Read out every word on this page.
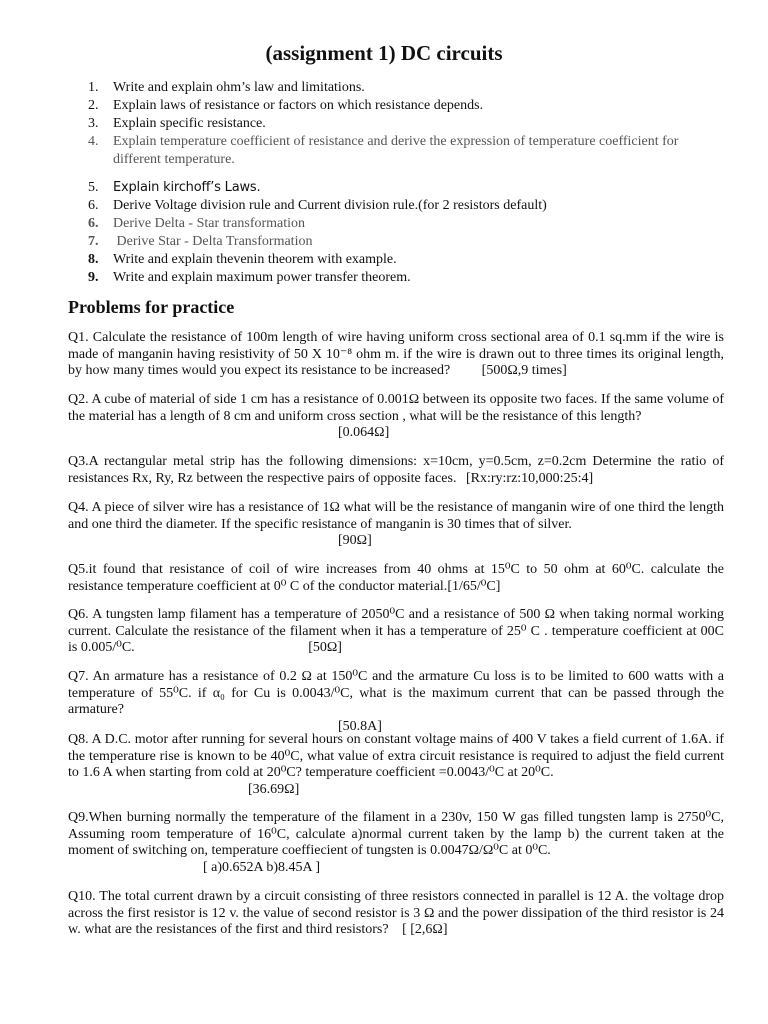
(assignment 1) DC circuits
1.	Write and explain ohm’s law and limitations.
2.	Explain laws of resistance or factors on which resistance depends.
3.	Explain specific resistance.
4.	Explain temperature coefficient of resistance and derive the expression of temperature coefficient for different temperature.
5.	Explain kirchoff’s Laws.
6.	Derive Voltage division rule and Current division rule.(for 2 resistors default)
6.	Derive Delta - Star transformation
7.	Derive Star - Delta Transformation
8.	Write and explain thevenin theorem with example.
9.	Write and explain maximum power transfer theorem.
Problems for practice

Q1. Calculate the resistance of 100m length of wire having uniform cross sectional area of 0.1 sq.mm if the wire is made of manganin having resistivity of 50 X 10⁻⁸ ohm m. if the wire is drawn out to three times its original length, by how many times would you expect its resistance to be increased? [500Ω,9 times]

Q2. A cube of material of side 1 cm has a resistance of 0.001Ω between its opposite two faces. If the same volume of the material has a length of 8 cm and uniform cross section , what will be the resistance of this length?
[0.064Ω]

Q3.A rectangular metal strip has the following dimensions: x=10cm, y=0.5cm, z=0.2cm Determine the ratio of resistances Rx, Ry, Rz between the respective pairs of opposite faces. [Rx:ry:rz:10,000:25:4]

Q4. A piece of silver wire has a resistance of 1Ω what will be the resistance of manganin wire of one third the length and one third the diameter. If the specific resistance of manganin is 30 times that of silver.
[90Ω]

Q5.it found that resistance of coil of wire increases from 40 ohms at 15⁰C to 50 ohm at 60⁰C. calculate the resistance temperature coefficient at 0⁰ C of the conductor material.[1/65/⁰C]

Q6. A tungsten lamp filament has a temperature of 2050⁰C and a resistance of 500 Ω when taking normal working current. Calculate the resistance of the filament when it has a temperature of 25⁰ C . temperature coefficient at 00C is 0.005/⁰C.	[50Ω]

Q7. An armature has a resistance of 0.2 Ω at 150⁰C and the armature Cu loss is to be limited to 600 watts with a temperature of 55⁰C. if α₀ for Cu is 0.0043/⁰C, what is the maximum current that can be passed through the armature?
[50.8A]

Q8. A D.C. motor after running for several hours on constant voltage mains of 400 V takes a field current of 1.6A. if the temperature rise is known to be 40⁰C, what value of extra circuit resistance is required to adjust the field current to 1.6 A when starting from cold at 20⁰C? temperature coefficient =0.0043/⁰C at 20⁰C.
[36.69Ω]

Q9.When burning normally the temperature of the filament in a 230v, 150 W gas filled tungsten lamp is 2750⁰C, Assuming room temperature of 16⁰C, calculate a)normal current taken by the lamp b) the current taken at the moment of switching on, temperature coeffiecient of tungsten is 0.0047Ω/Ω⁰C at 0⁰C.
[ a)0.652A b)8.45A ]

Q10. The total current drawn by a circuit consisting of three resistors connected in parallel is 12 A. the voltage drop across the first resistor is 12 v. the value of second resistor is 3 Ω and the power dissipation of the third resistor is 24 w. what are the resistances of the first and third resistors? [ [2,6Ω]
